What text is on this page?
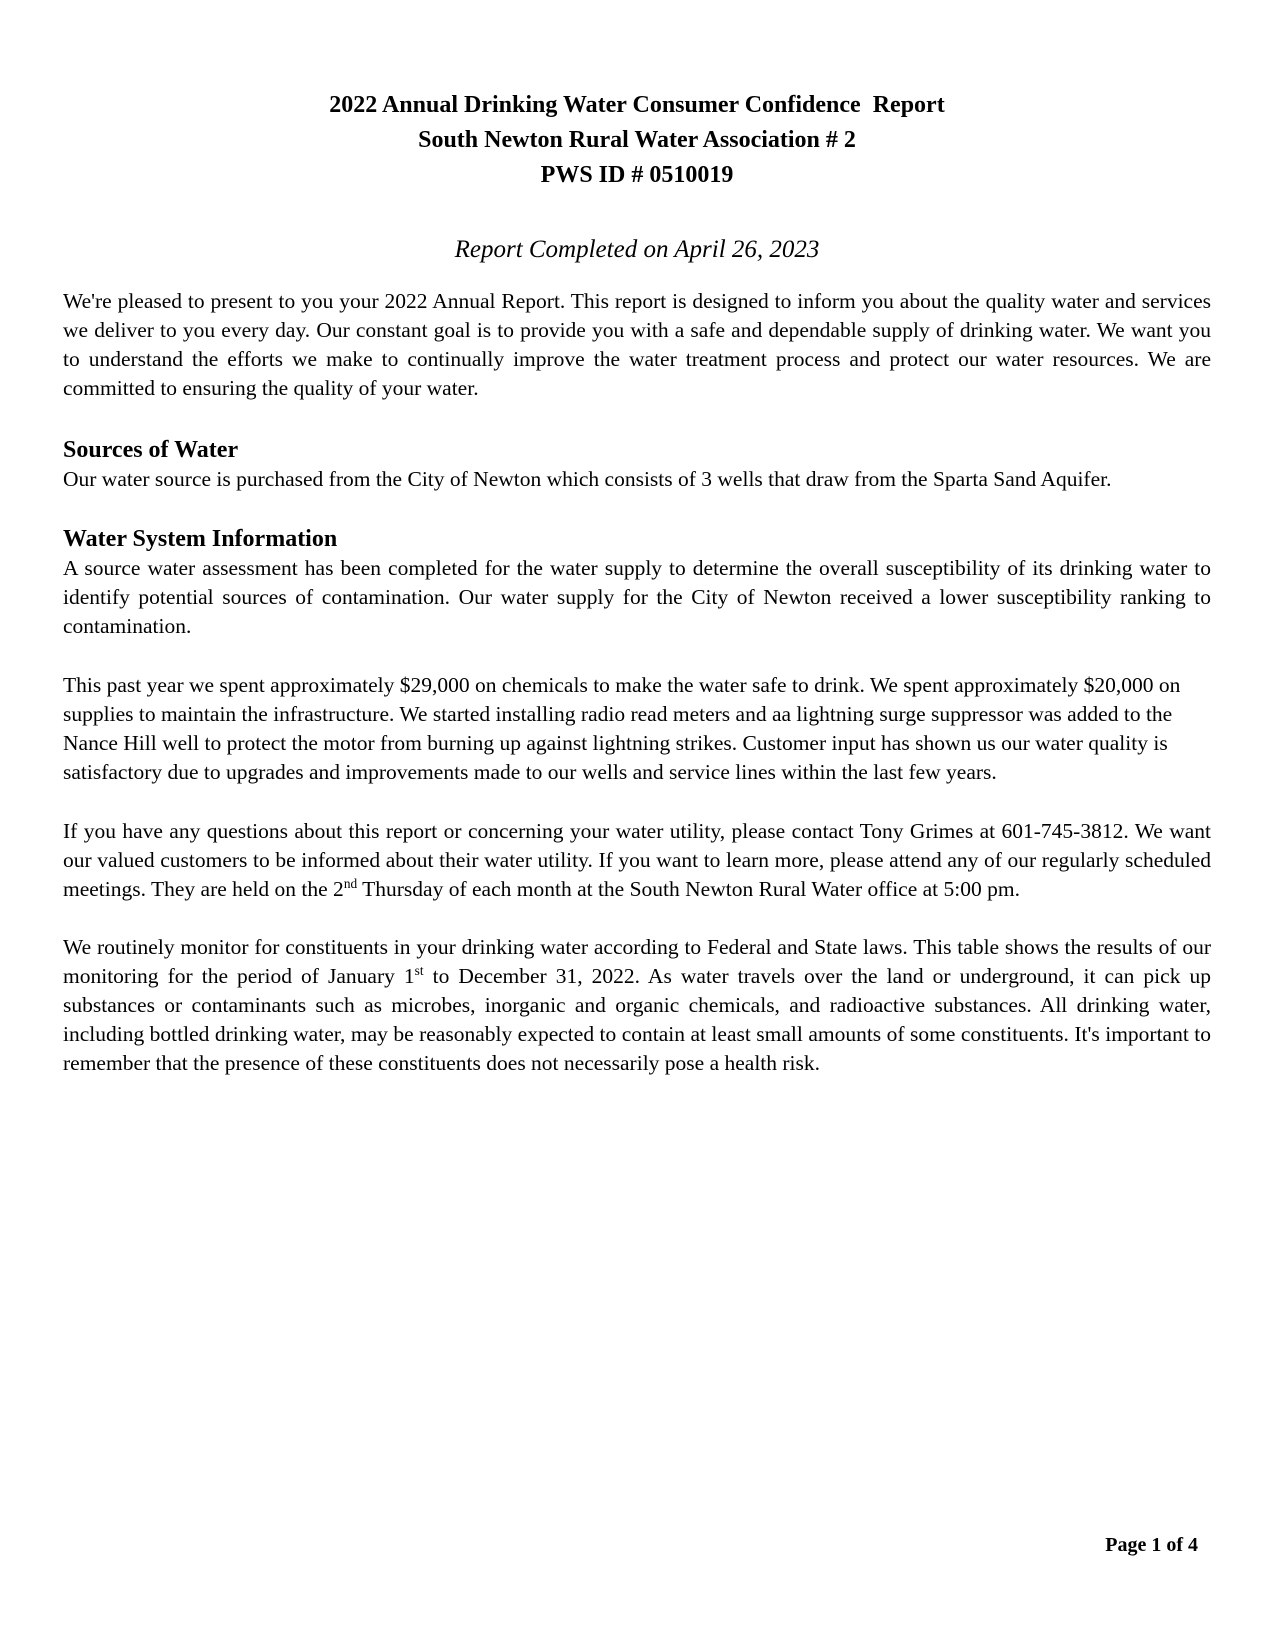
2022 Annual Drinking Water Consumer Confidence  Report
South Newton Rural Water Association # 2
PWS ID # 0510019
Report Completed on April 26, 2023

We're pleased to present to you your 2022 Annual Report. This report is designed to inform you about the quality water and services we deliver to you every day. Our constant goal is to provide you with a safe and dependable supply of drinking water. We want you to understand the efforts we make to continually improve the water treatment process and protect our water resources. We are committed to ensuring the quality of your water.

Sources of Water

Our water source is purchased from the City of Newton which consists of 3 wells that draw from the Sparta Sand Aquifer.

Water System Information

A source water assessment has been completed for the water supply to determine the overall susceptibility of its drinking water to identify potential sources of contamination. Our water supply for the City of Newton received a lower susceptibility ranking to contamination.

This past year we spent approximately $29,000 on chemicals to make the water safe to drink. We spent approximately $20,000 on supplies to maintain the infrastructure. We started installing radio read meters and aa lightning surge suppressor was added to the Nance Hill well to protect the motor from burning up against lightning strikes. Customer input has shown us our water quality is satisfactory due to upgrades and improvements made to our wells and service lines within the last few years.

If you have any questions about this report or concerning your water utility, please contact Tony Grimes at 601-745-3812. We want our valued customers to be informed about their water utility. If you want to learn more, please attend any of our regularly scheduled meetings. They are held on the 2nd Thursday of each month at the South Newton Rural Water office at 5:00 pm.

We routinely monitor for constituents in your drinking water according to Federal and State laws. This table shows the results of our monitoring for the period of January 1st to December 31, 2022. As water travels over the land or underground, it can pick up substances or contaminants such as microbes, inorganic and organic chemicals, and radioactive substances. All drinking water, including bottled drinking water, may be reasonably expected to contain at least small amounts of some constituents. It's important to remember that the presence of these constituents does not necessarily pose a health risk.

Page 1 of 4
